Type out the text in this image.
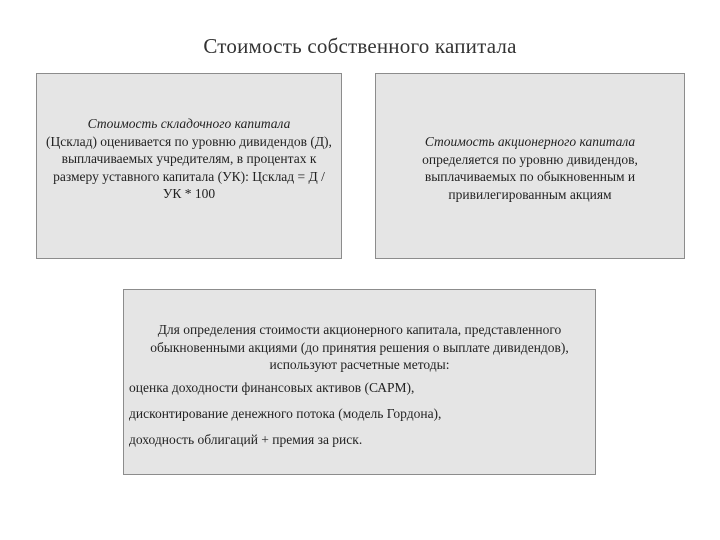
Стоимость собственного капитала
Стоимость складочного капитала
(Цсклад) оценивается по уровню дивидендов (Д), выплачиваемых учредителям, в процентах к размеру уставного капитала (УК): Цсклад = Д / УК * 100
Стоимость акционерного капитала
определяется по уровню дивидендов, выплачиваемых по обыкновенным и привилегированным акциям
Для определения стоимости акционерного капитала, представленного обыкновенными акциями (до принятия решения о выплате дивидендов), используют расчетные методы:
оценка доходности финансовых активов (САРМ),
дисконтирование денежного потока (модель Гордона),
доходность облигаций + премия за риск.
